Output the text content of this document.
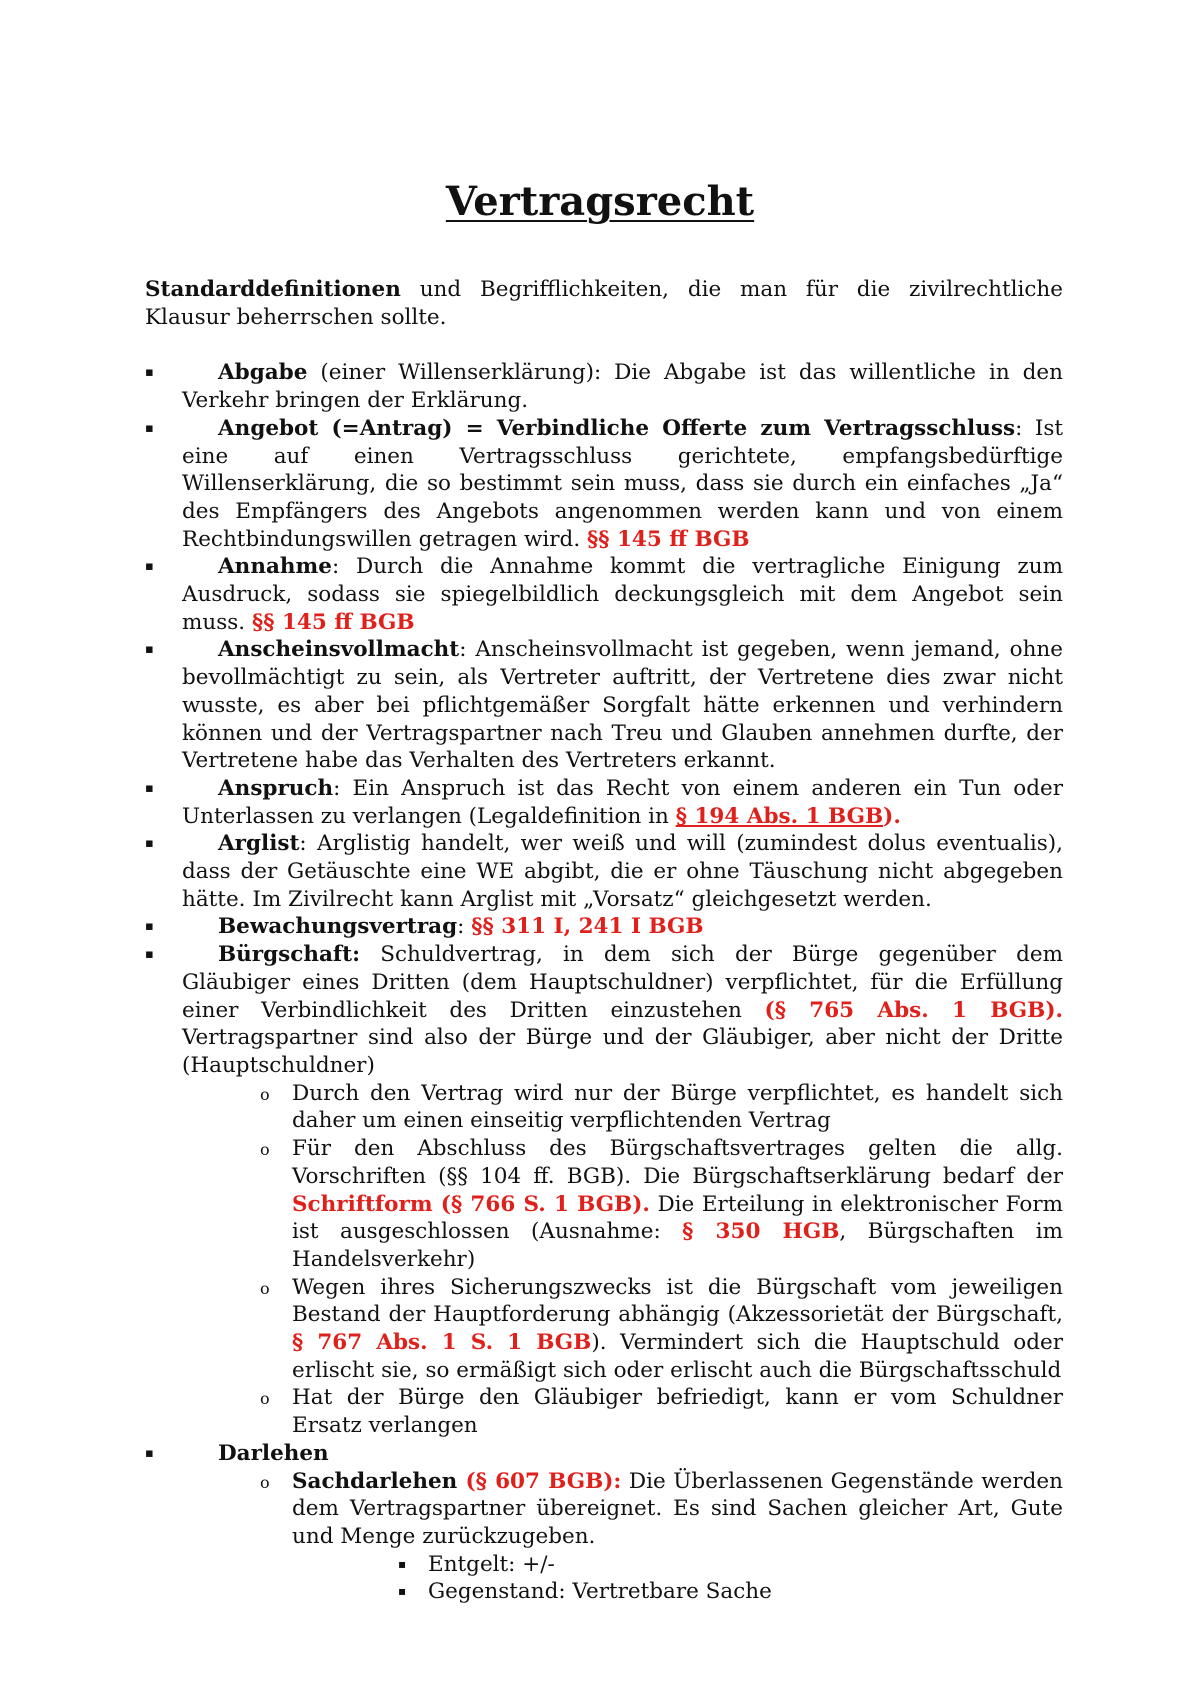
Vertragsrecht

Standarddefinitionen und Begrifflichkeiten, die man für die zivilrechtliche Klausur beherrschen sollte.

▪	Abgabe (einer Willenserklärung): Die Abgabe ist das willentliche in den Verkehr bringen der Erklärung.
▪	Angebot (=Antrag) = Verbindliche Offerte zum Vertragsschluss: Ist eine auf einen Vertragsschluss gerichtete, empfangsbedürftige Willenserklärung, die so bestimmt sein muss, dass sie durch ein einfaches „Ja“ des Empfängers des Angebots angenommen werden kann und von einem Rechtbindungswillen getragen wird. §§ 145 ff BGB
▪	Annahme: Durch die Annahme kommt die vertragliche Einigung zum Ausdruck, sodass sie spiegelbildlich deckungsgleich mit dem Angebot sein muss. §§ 145 ff BGB
▪	Anscheinsvollmacht: Anscheinsvollmacht ist gegeben, wenn jemand, ohne bevollmächtigt zu sein, als Vertreter auftritt, der Vertretene dies zwar nicht wusste, es aber bei pflichtgemäßer Sorgfalt hätte erkennen und verhindern können und der Vertragspartner nach Treu und Glauben annehmen durfte, der Vertretene habe das Verhalten des Vertreters erkannt.
▪	Anspruch: Ein Anspruch ist das Recht von einem anderen ein Tun oder Unterlassen zu verlangen (Legaldefinition in § 194 Abs. 1 BGB).
▪	Arglist: Arglistig handelt, wer weiß und will (zumindest dolus eventualis), dass der Getäuschte eine WE abgibt, die er ohne Täuschung nicht abgegeben hätte. Im Zivilrecht kann Arglist mit „Vorsatz“ gleichgesetzt werden.
▪	Bewachungsvertrag: §§ 311 I, 241 I BGB
▪	Bürgschaft: Schuldvertrag, in dem sich der Bürge gegenüber dem Gläubiger eines Dritten (dem Hauptschuldner) verpflichtet, für die Erfüllung einer Verbindlichkeit des Dritten einzustehen (§ 765 Abs. 1 BGB). Vertragspartner sind also der Bürge und der Gläubiger, aber nicht der Dritte (Hauptschuldner)
o Durch den Vertrag wird nur der Bürge verpflichtet, es handelt sich daher um einen einseitig verpflichtenden Vertrag
o Für den Abschluss des Bürgschaftsvertrages gelten die allg. Vorschriften (§§ 104 ff. BGB). Die Bürgschaftserklärung bedarf der Schriftform (§ 766 S. 1 BGB). Die Erteilung in elektronischer Form ist ausgeschlossen (Ausnahme: § 350 HGB, Bürgschaften im Handelsverkehr)
o Wegen ihres Sicherungszwecks ist die Bürgschaft vom jeweiligen Bestand der Hauptforderung abhängig (Akzessorietät der Bürgschaft, § 767 Abs. 1 S. 1 BGB). Vermindert sich die Hauptschuld oder erlischt sie, so ermäßigt sich oder erlischt auch die Bürgschaftsschuld
o Hat der Bürge den Gläubiger befriedigt, kann er vom Schuldner Ersatz verlangen
▪	Darlehen
o Sachdarlehen (§ 607 BGB): Die Überlassenen Gegenstände werden dem Vertragspartner übereignet. Es sind Sachen gleicher Art, Gute und Menge zurückzugeben.
▪ Entgelt: +/-
▪ Gegenstand: Vertretbare Sache
